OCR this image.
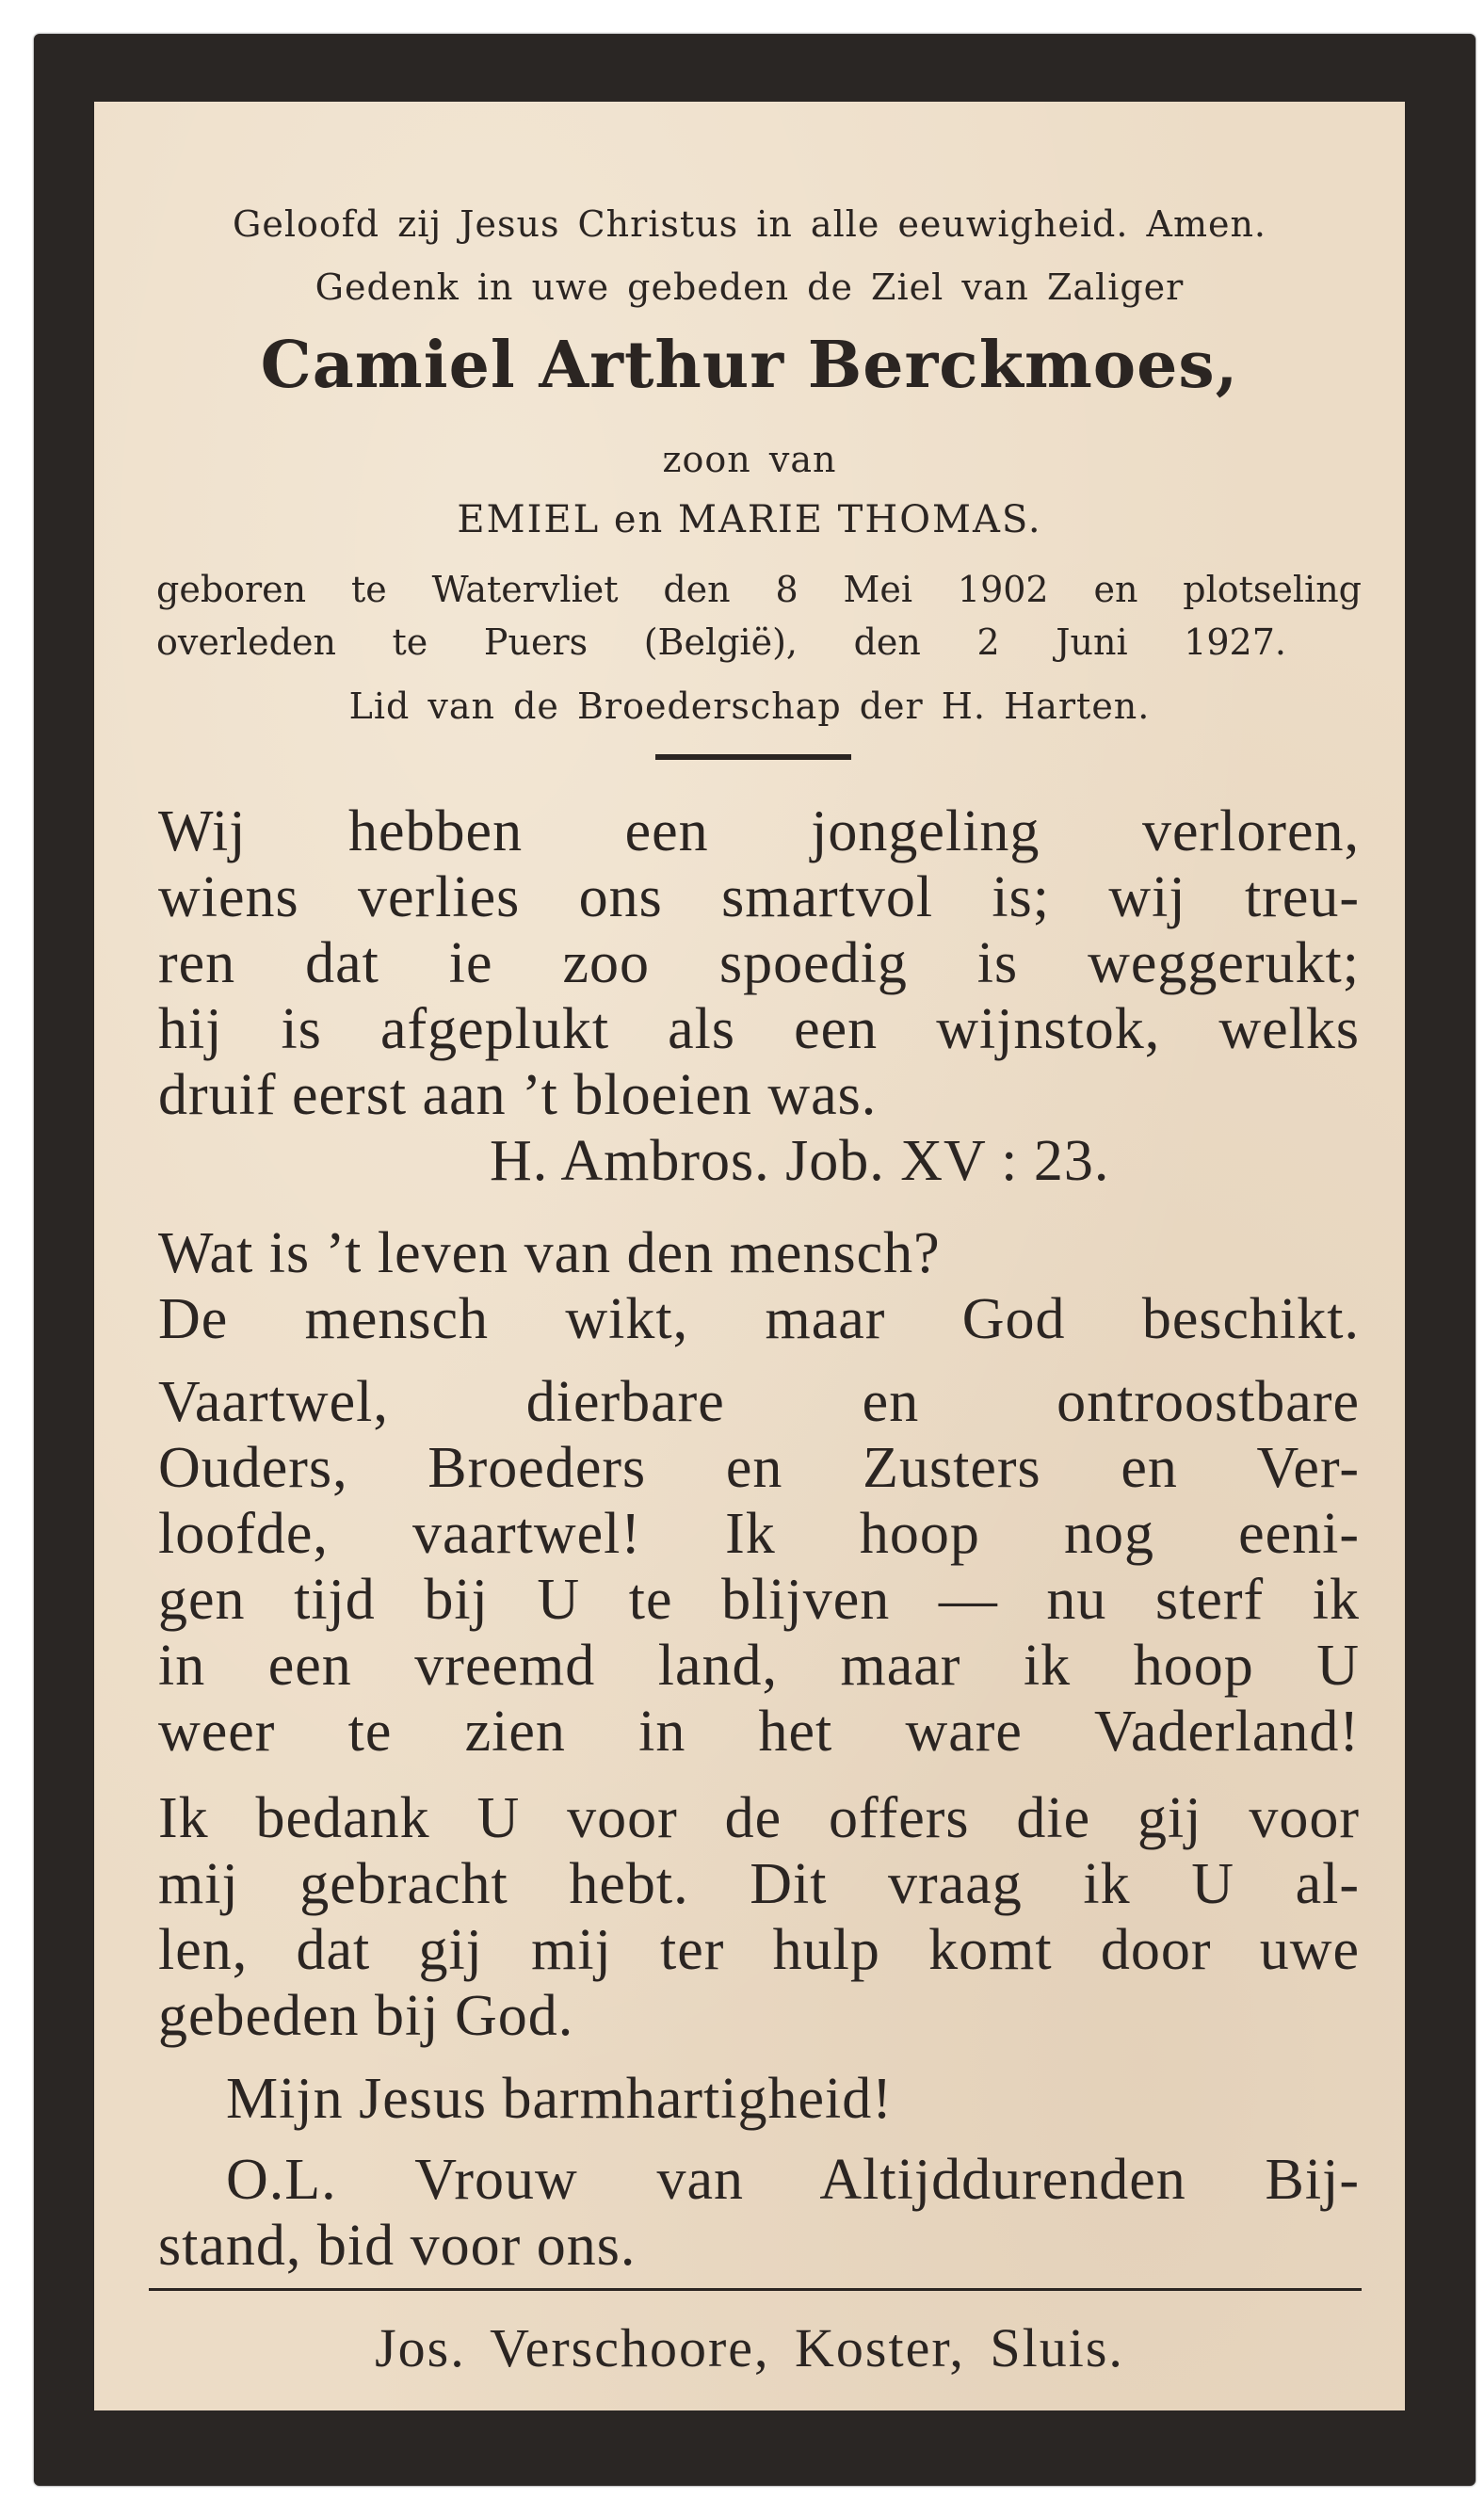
Geloofd zij Jesus Christus in alle eeuwigheid. Amen.
Gedenk in uwe gebeden de Ziel van Zaliger
Camiel Arthur Berckmoes,
zoon van
EMIEL en MARIE THOMAS.
geboren te Watervliet den 8 Mei 1902 en plotseling
overleden te Puers (België), den 2 Juni 1927.
Lid van de Broederschap der H. Harten.
Wij hebben een jongeling verloren,
wiens verlies ons smartvol is; wij treu-
ren dat ie zoo spoedig is weggerukt;
hij is afgeplukt als een wijnstok, welks
druif eerst aan ’t bloeien was.
H. Ambros. Job. XV : 23.
Wat is ’t leven van den mensch?
De mensch wikt, maar God beschikt.
Vaartwel, dierbare en ontroostbare
Ouders, Broeders en Zusters en Ver-
loofde, vaartwel! Ik hoop nog eeni-
gen tijd bij U te blijven — nu sterf ik
in een vreemd land, maar ik hoop U
weer te zien in het ware Vaderland!
Ik bedank U voor de offers die gij voor
mij gebracht hebt. Dit vraag ik U al-
len, dat gij mij ter hulp komt door uwe
gebeden bij God.
Mijn Jesus barmhartigheid!
O.L. Vrouw van Altijddurenden Bij-
stand, bid voor ons.
Jos. Verschoore, Koster, Sluis.
